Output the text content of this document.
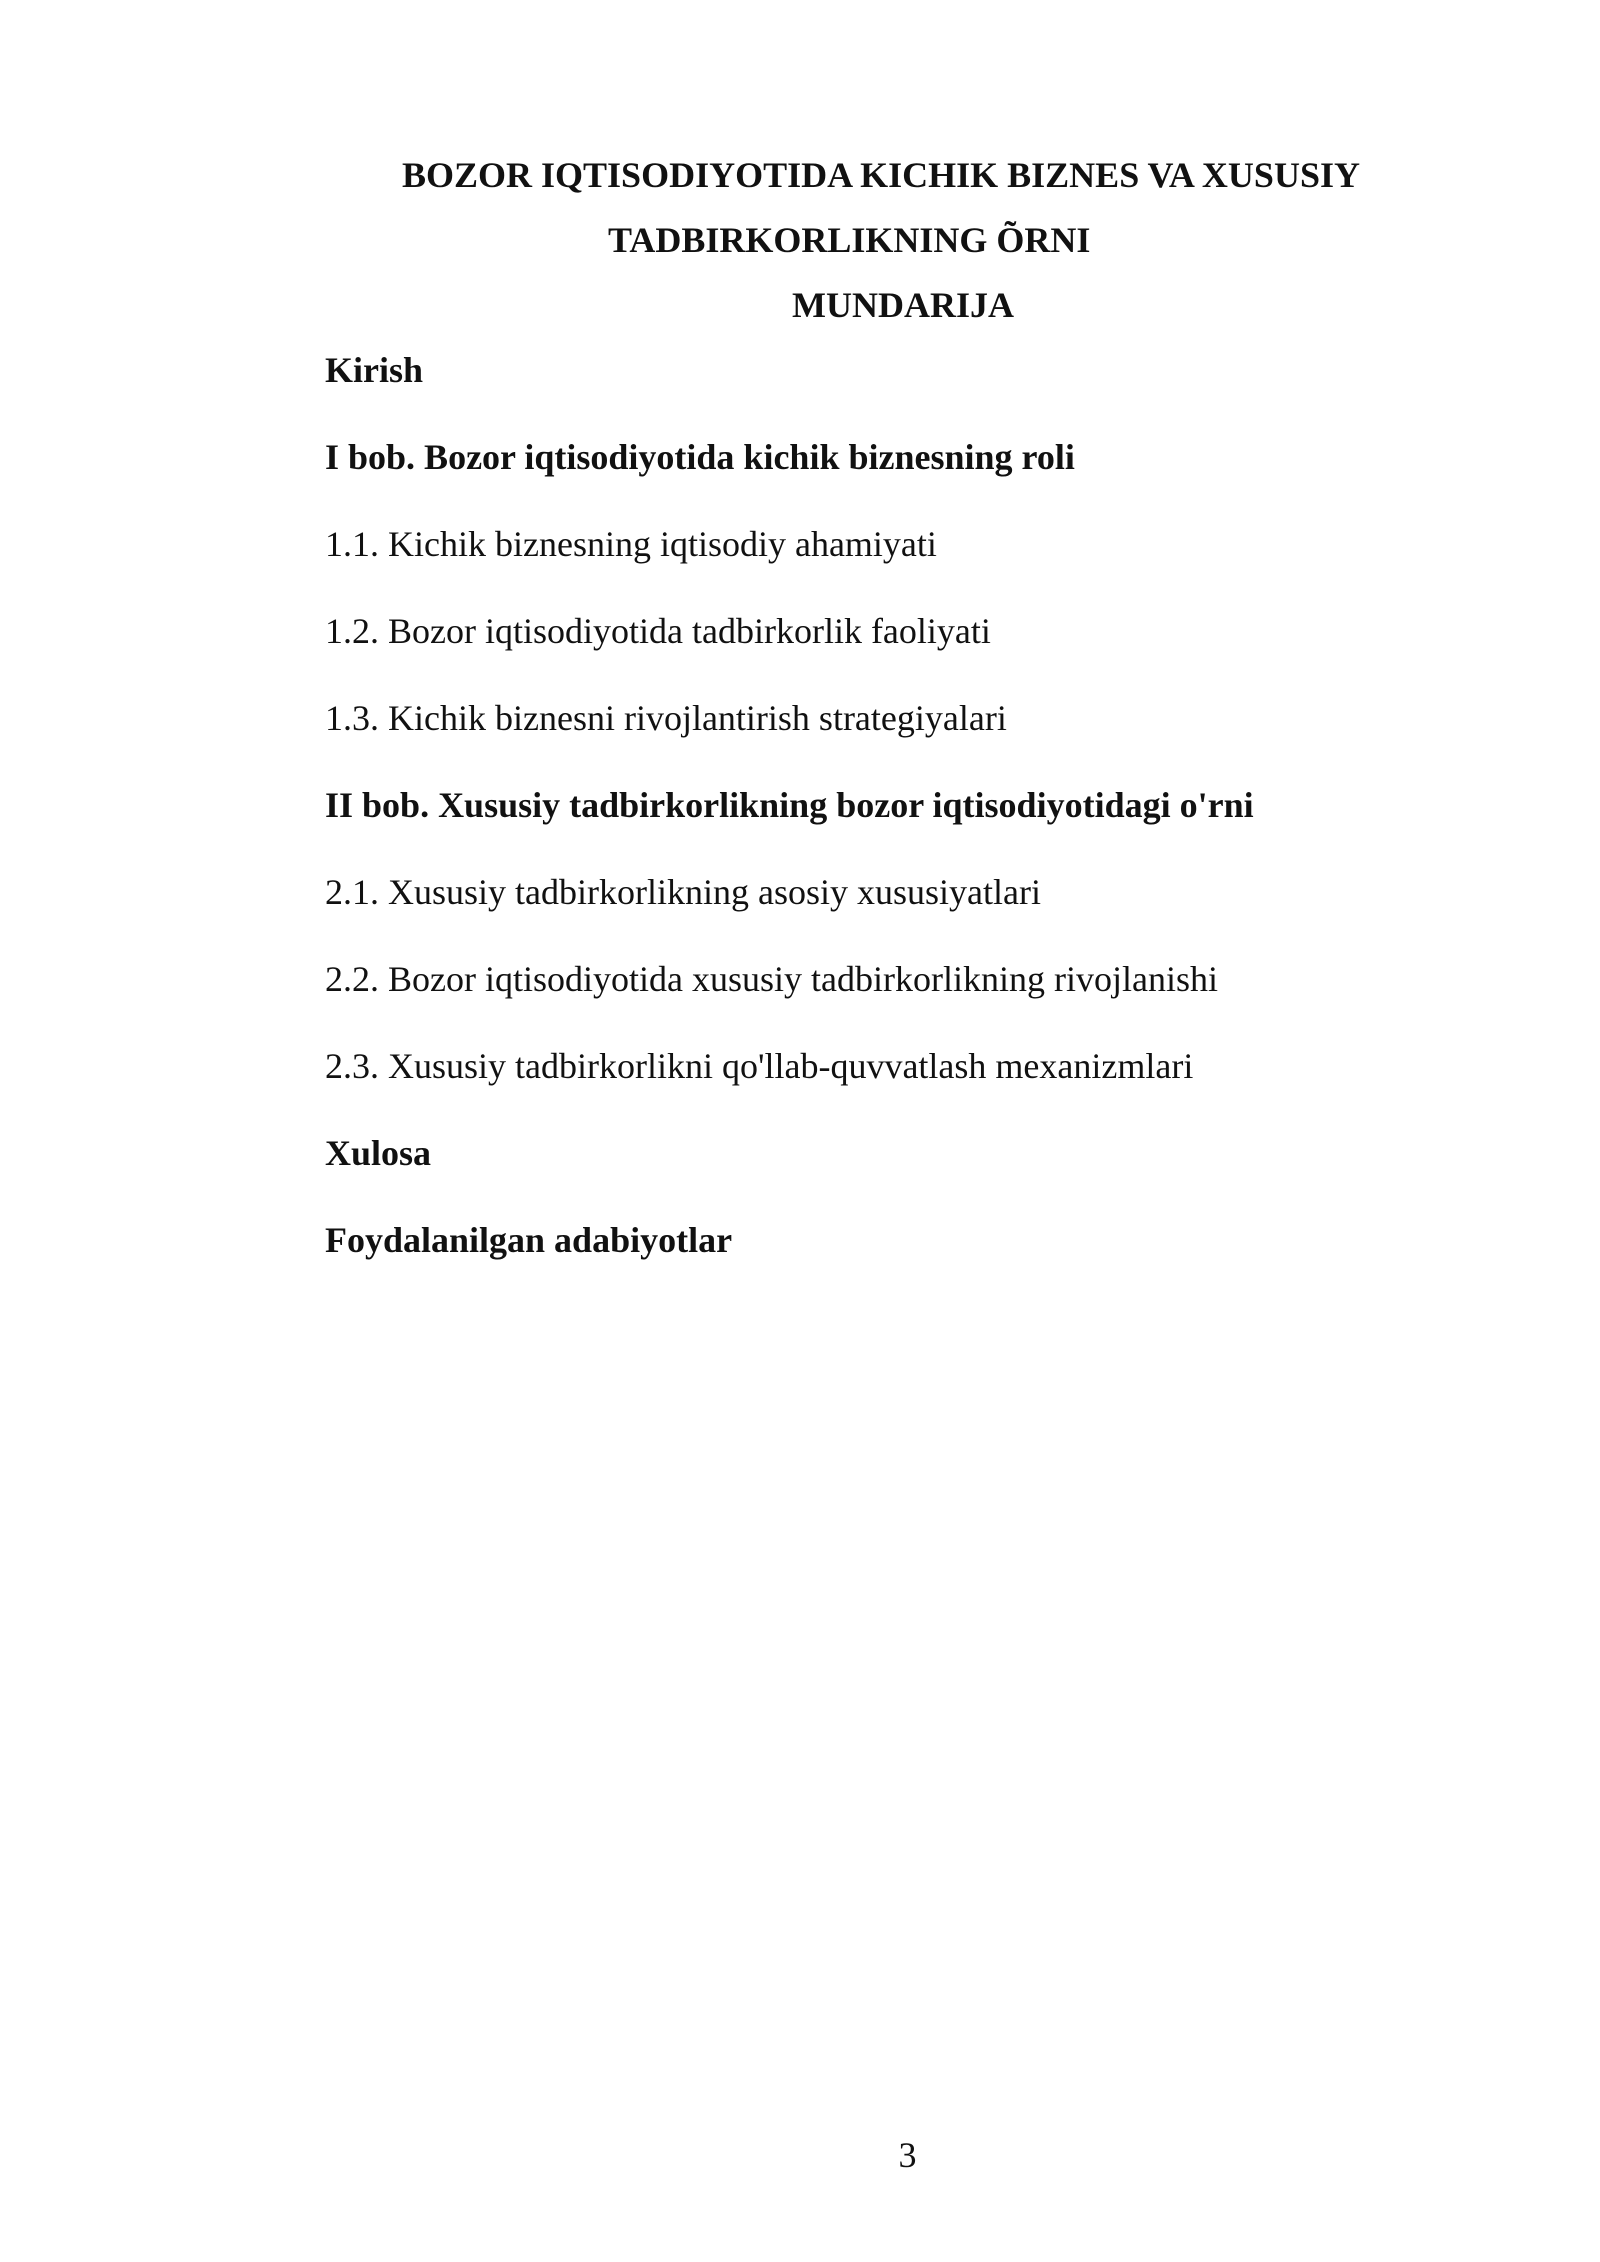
BOZOR IQTISODIYOTIDA KICHIK BIZNES VA XUSUSIY
TADBIRKORLIKNING ÕRNI
MUNDARIJA
Kirish
I bob. Bozor iqtisodiyotida kichik biznesning roli
1.1. Kichik biznesning iqtisodiy ahamiyati
1.2. Bozor iqtisodiyotida tadbirkorlik faoliyati
1.3. Kichik biznesni rivojlantirish strategiyalari
II bob. Xususiy tadbirkorlikning bozor iqtisodiyotidagi o'rni
2.1. Xususiy tadbirkorlikning asosiy xususiyatlari
2.2. Bozor iqtisodiyotida xususiy tadbirkorlikning rivojlanishi
2.3. Xususiy tadbirkorlikni qo'llab-quvvatlash mexanizmlari
Xulosa
Foydalanilgan adabiyotlar
3
